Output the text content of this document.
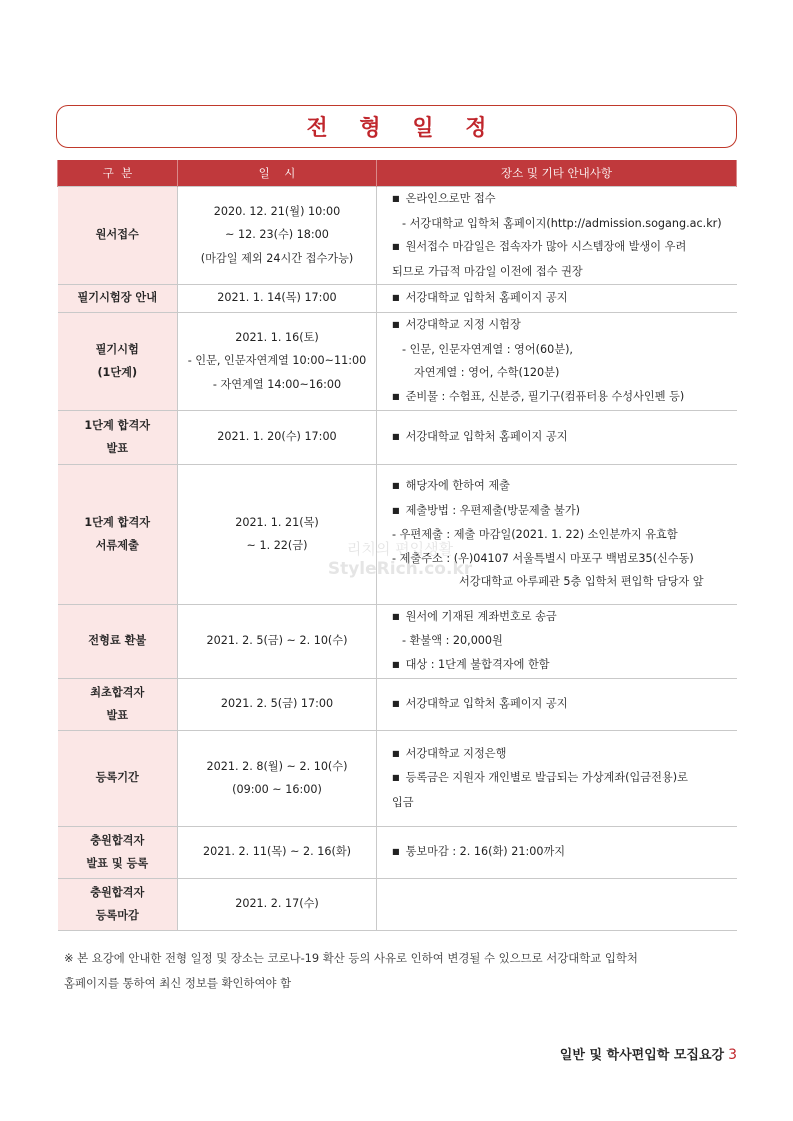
전 형 일 정
구  분	일    시	장소 및 기타 안내사항

원서접수	2020. 12. 21(월) 10:00
~ 12. 23(수) 18:00
(마감일 제외 24시간 접수가능)	■ 온라인으로만 접수
- 서강대학교 입학처 홈페이지(http://admission.sogang.ac.kr)
■ 원서접수 마감일은 접속자가 많아 시스템장애 발생이 우려
되므로 가급적 마감일 이전에 접수 권장

필기시험장 안내	2021. 1. 14(목) 17:00	■ 서강대학교 입학처 홈페이지 공지

필기시험
(1단계)	2021. 1. 16(토)
- 인문, 인문자연계열 10:00~11:00
- 자연계열 14:00~16:00	■ 서강대학교 지정 시험장
- 인문, 인문자연계열 : 영어(60분),
자연계열 : 영어, 수학(120분)
■ 준비물 : 수험표, 신분증, 필기구(컴퓨터용 수성사인펜 등)

1단계 합격자
발표	2021. 1. 20(수) 17:00	■ 서강대학교 입학처 홈페이지 공지

1단계 합격자
서류제출	2021. 1. 21(목)
~ 1. 22(금)	■ 해당자에 한하여 제출
■ 제출방법 : 우편제출(방문제출 불가)
- 우편제출 : 제출 마감일(2021. 1. 22) 소인분까지 유효함
- 제출주소 : (우)04107 서울특별시 마포구 백범로35(신수동)
서강대학교 아루페관 5층 입학처 편입학 담당자 앞

전형료 환불	2021. 2. 5(금) ~ 2. 10(수)	■ 원서에 기재된 계좌번호로 송금
- 환불액 : 20,000원
■ 대상 : 1단계 불합격자에 한함

최초합격자
발표	2021. 2. 5(금) 17:00	■ 서강대학교 입학처 홈페이지 공지

등록기간	2021. 2. 8(월) ~ 2. 10(수)
(09:00 ~ 16:00)	■ 서강대학교 지정은행
■ 등록금은 지원자 개인별로 발급되는 가상계좌(입금전용)로
입금

충원합격자
발표 및 등록	2021. 2. 11(목) ~ 2. 16(화)	■ 통보마감 : 2. 16(화) 21:00까지

충원합격자
등록마감	2021. 2. 17(수)	

리치의 편입생활
StyleRich.co.kr
※ 본 요강에 안내한 전형 일정 및 장소는 코로나-19 확산 등의 사유로 인하여 변경될 수 있으므로 서강대학교 입학처
홈페이지를 통하여 최신 정보를 확인하여야 함
일반 및 학사편입학 모집요강 3
